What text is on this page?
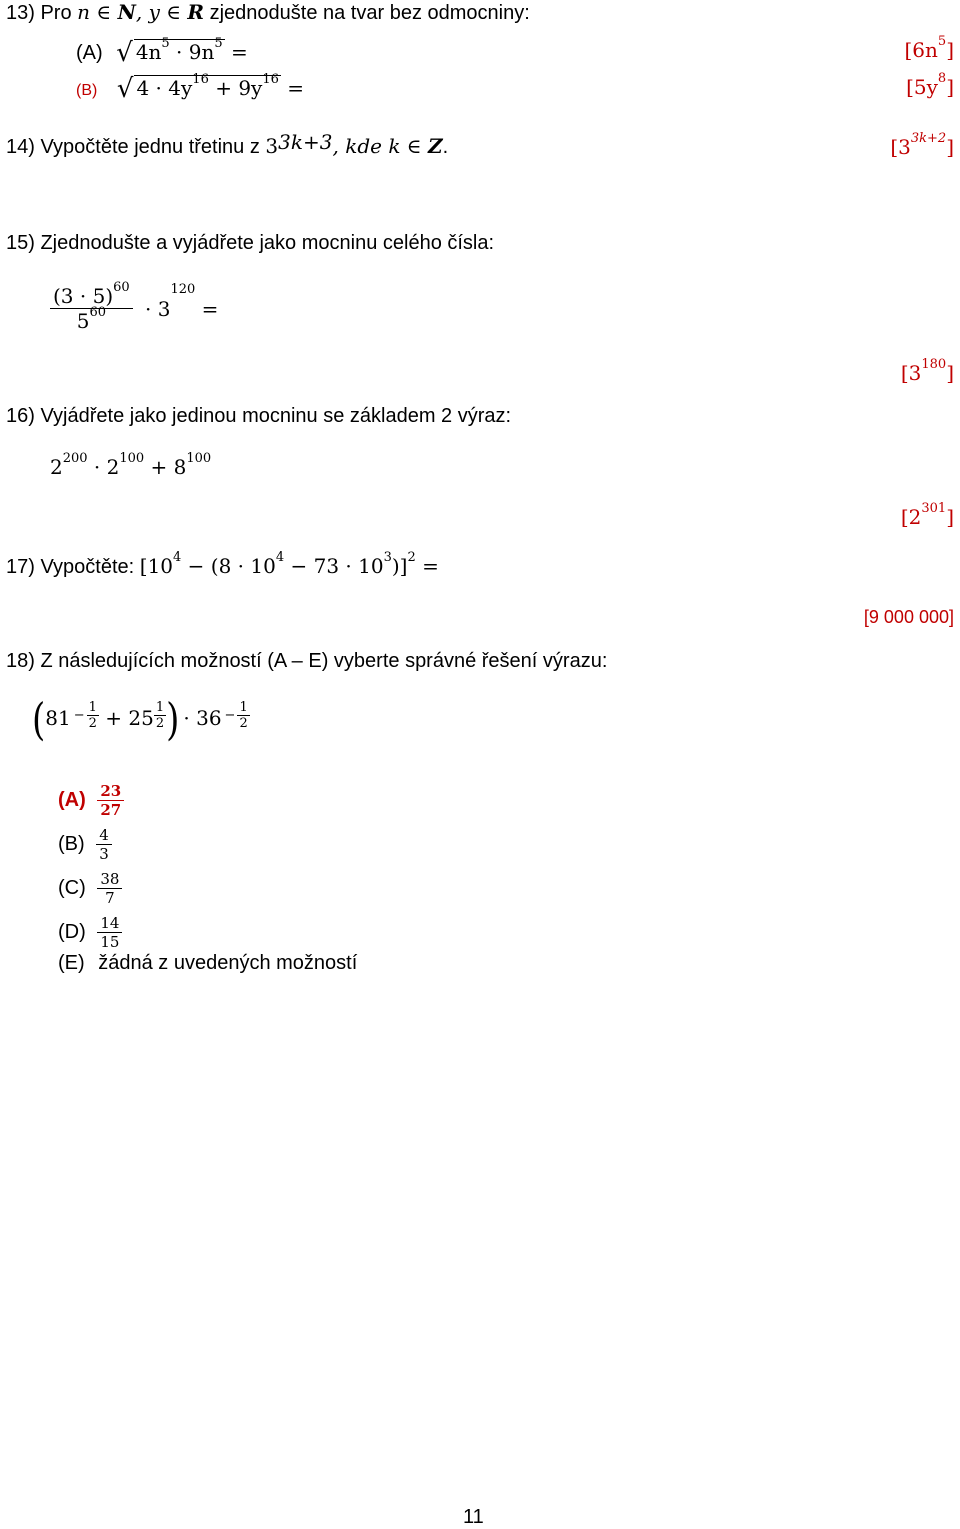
13) Pro n ∈ N, y ∈ R zjednodušte na tvar bez odmocniny:
(A) √ $4n^5 \cdot 9n^5$ =	$[6n^5]$
(B) √ $4 \cdot 4y^{16} + 9y^{16}$ =	$[5y^8]$
14) Vypočtěte jednu třetinu z $3^{3k+3}$, kde k ∈ Z.	$[3^{3k+2}]$
15) Zjednodušte a vyjádřete jako mocninu celého čísla:
$\frac{(3 \cdot 5)^{60}}{5^{60}} \cdot 3^{120}$ =
$[3^{180}]$
16) Vyjádřete jako jedinou mocninu se základem 2 výraz:
$2^{200} \cdot 2^{100} + 8^{100}$
$[2^{301}]$
17) Vypočtěte: $[10^4 - (8 \cdot 10^4 - 73 \cdot 10^3)]^2$ =
[9 000 000]
18) Z následujících možností (A – E) vyberte správné řešení výrazu:
($81 - \frac{1}{2} + 25 \frac{1}{2}$ ) · $36 - \frac{1}{2}$
$(A) \frac{23}{27}$
$(B) \frac{4}{3}$
$(C) \frac{38}{7}$
$(D) \frac{14}{15}$
(E) žádná z uvedených možností
11
